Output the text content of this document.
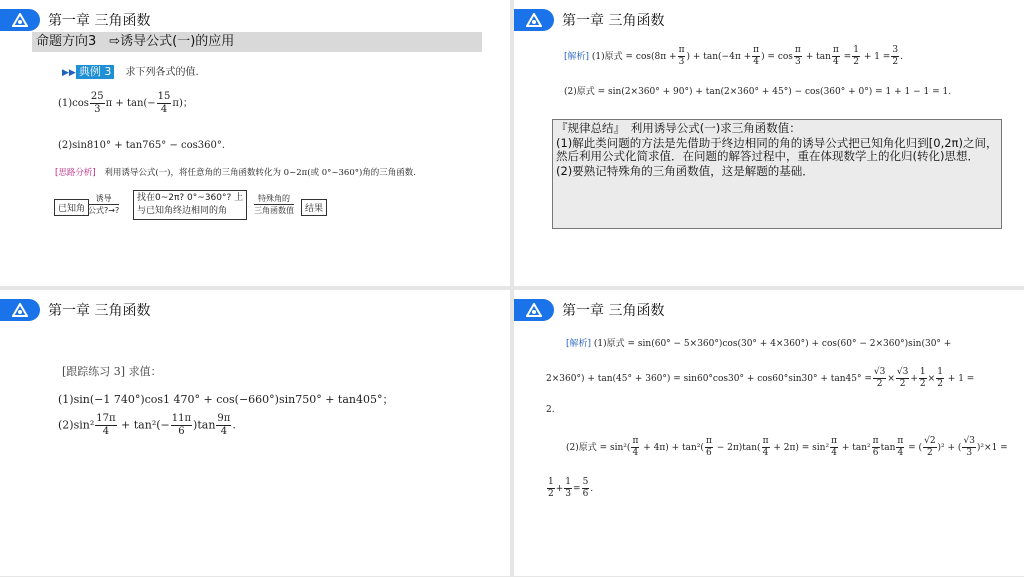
第一章 三角函数
命题方向3　⇨诱导公式(一)的应用
▶▶ 典例 3 求下列各式的值.
$(1)\cos \frac{25}{3}$ $\pi + \tan(- \frac{15}{4} \pi)$；
(2)sin810° + tan765° − cos360°.
[思路分析] 利用诱导公式(一)，将任意角的三角函数转化为 0~2π(或 0°~360°)角的三角函数.
已知角
诱导
公式?→?
找在0~2π? 0°~360°? 上
与已知角终边相同的角
特殊角的
三角函数值	结果
第一章 三角函数
[解析] (1)原式 = $\cos(8\pi + \frac{\pi}{3}$ ) + $\tan(-4\pi + \frac{\pi}{4}$ ) = $\cos \frac{\pi}{3} + \tan \frac{\pi}{4} = \frac{1}{2} + 1 = \frac{3}{2}$ .
(2)原式 = sin(2×360° + 90°) + tan(2×360° + 45°) − cos(360° + 0°) = 1 + 1 − 1 = 1.

『规律总结』　利用诱导公式(一)求三角函数值：

(1)解此类问题的方法是先借助于终边相同的角的诱导公式把已知角化归到[0,2π)之间，然后利用公式化简求值．在问题的解答过程中，重在体现数学上的化归(转化)思想．

(2)要熟记特殊角的三角函数值，这是解题的基础．

第一章 三角函数
[跟踪练习 3] 求值：
(1)sin(−1 740°)cos1 470° + cos(−660°)sin750° + tan405°；
$(2)\sin^2 \frac{17\pi}{4} + \tan^2(- \frac{11\pi}{6} )\tan \frac{9\pi}{4}$ .
第一章 三角函数
[解析] (1)原式 = sin(60° − 5×360°)cos(30° + 4×360°) + cos(60° − 2×360°)sin(30° +
$2\times 360^\circ) + \tan(45^\circ + 360^\circ) = \sin 60^\circ\cos 30^\circ + \cos 60^\circ\sin 30^\circ + \tan 45^\circ = \frac{√3}{2} \times \frac{√3}{2} + \frac{1}{2} \times \frac{1}{2} + 1$ =
2.
(2)原式 = $\sin^2( \frac{\pi}{4} + 4\pi) + \tan^2( \frac{\pi}{6} - 2\pi)\tan( \frac{\pi}{4} + 2\pi) = \sin^2 \frac{\pi}{4} + \tan^2 \frac{\pi}{6}$ $\tan \frac{\pi}{4}$ = ( $\frac{√2}{2} )^2$ + ( $\frac{√3}{3} )^2\times 1$ =
$\frac{1}{2} + \frac{1}{3} = \frac{5}{6}$ .
